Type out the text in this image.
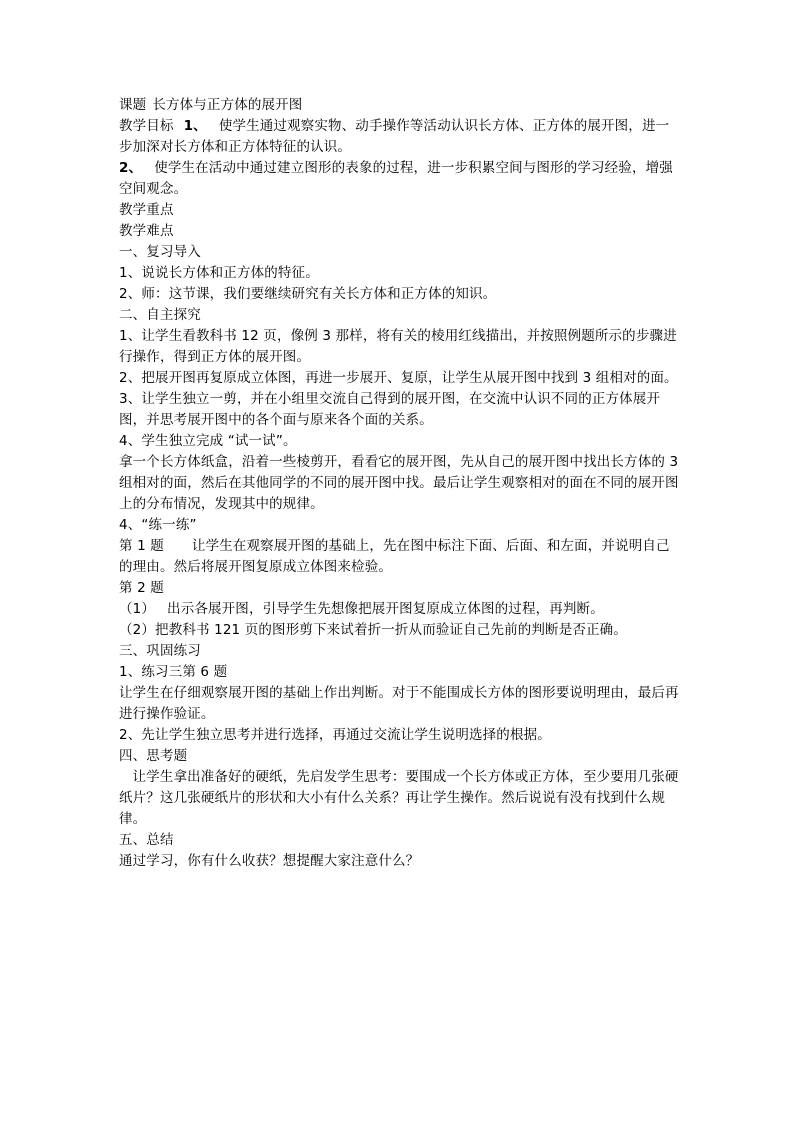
课题 长方体与正方体的展开图

教学目标 1、 使学生通过观察实物、动手操作等活动认识长方体、正方体的展开图，进一步加深对长方体和正方体特征的认识。

2、 使学生在活动中通过建立图形的表象的过程，进一步积累空间与图形的学习经验，增强空间观念。

教学重点

教学难点

一、复习导入

1、说说长方体和正方体的特征。

2、师：这节课，我们要继续研究有关长方体和正方体的知识。

二、自主探究

1、让学生看教科书 12 页，像例 3 那样，将有关的棱用红线描出，并按照例题所示的步骤进行操作，得到正方体的展开图。

2、把展开图再复原成立体图，再进一步展开、复原，让学生从展开图中找到 3 组相对的面。

3、让学生独立一剪，并在小组里交流自己得到的展开图，在交流中认识不同的正方体展开图，并思考展开图中的各个面与原来各个面的关系。

4、学生独立完成 “试一试”。

拿一个长方体纸盒，沿着一些棱剪开，看看它的展开图，先从自己的展开图中找出长方体的 3 组相对的面，然后在其他同学的不同的展开图中找。最后让学生观察相对的面在不同的展开图上的分布情况，发现其中的规律。

4、“练一练”

第 1 题 让学生在观察展开图的基础上，先在图中标注下面、后面、和左面，并说明自己的理由。然后将展开图复原成立体图来检验。

第 2 题

（1） 出示各展开图，引导学生先想像把展开图复原成立体图的过程，再判断。

（2）把教科书 121 页的图形剪下来试着折一折从而验证自己先前的判断是否正确。

三、巩固练习

1、练习三第 6 题

让学生在仔细观察展开图的基础上作出判断。对于不能围成长方体的图形要说明理由，最后再进行操作验证。

2、先让学生独立思考并进行选择，再通过交流让学生说明选择的根据。

四、思考题

让学生拿出准备好的硬纸，先启发学生思考：要围成一个长方体或正方体，至少要用几张硬纸片？这几张硬纸片的形状和大小有什么关系？再让学生操作。然后说说有没有找到什么规律。

五、总结

通过学习，你有什么收获？想提醒大家注意什么？
